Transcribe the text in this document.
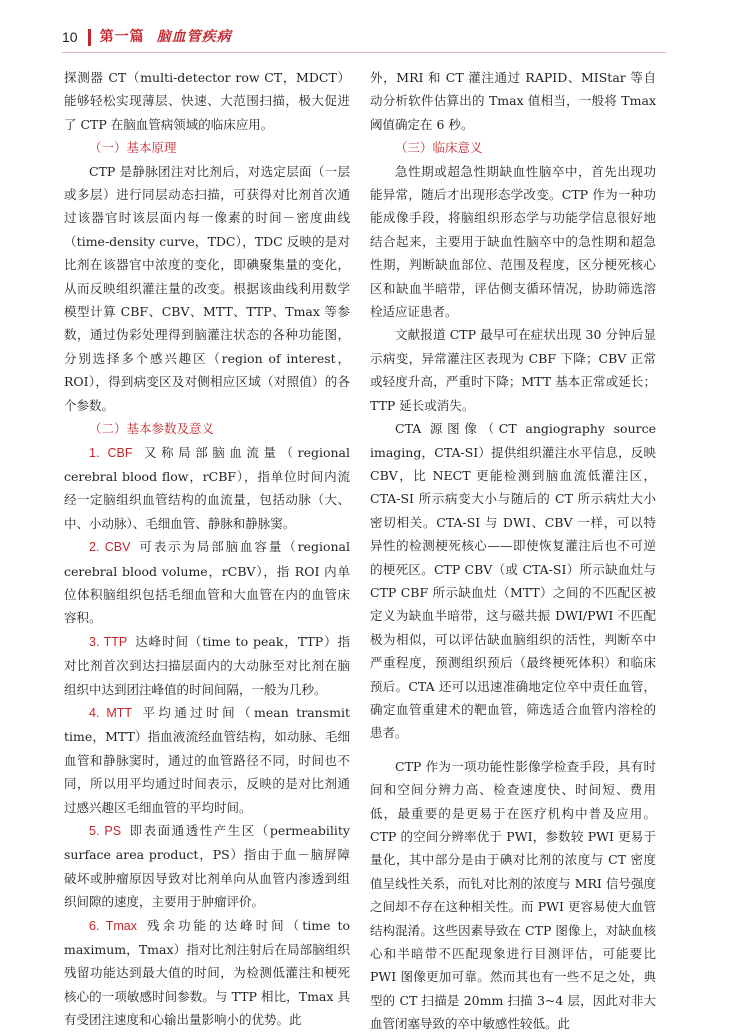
10 第一篇 脑血管疾病

探测器 CT（multi-detector row CT，MDCT）能够轻松实现薄层、快速、大范围扫描，极大促进了 CTP 在脑血管病领域的临床应用。

（一）基本原理

CTP 是静脉团注对比剂后，对选定层面（一层或多层）进行同层动态扫描，可获得对比剂首次通过该器官时该层面内每一像素的时间－密度曲线（time-density curve，TDC），TDC 反映的是对比剂在该器官中浓度的变化，即碘聚集量的变化，从而反映组织灌注量的改变。根据该曲线利用数学模型计算 CBF、CBV、MTT、TTP、Tmax 等参数，通过伪彩处理得到脑灌注状态的各种功能图，分别选择多个感兴趣区（region of interest，ROI），得到病变区及对侧相应区域（对照值）的各个参数。

（二）基本参数及意义

1. CBF 又称局部脑血流量（regional cerebral blood flow，rCBF），指单位时间内流经一定脑组织血管结构的血流量，包括动脉（大、中、小动脉）、毛细血管、静脉和静脉窦。

2. CBV 可表示为局部脑血容量（regional cerebral blood volume，rCBV），指 ROI 内单位体积脑组织包括毛细血管和大血管在内的血管床容积。

3. TTP 达峰时间（time to peak，TTP）指对比剂首次到达扫描层面内的大动脉至对比剂在脑组织中达到团注峰值的时间间隔，一般为几秒。

4. MTT 平均通过时间（mean transmit time，MTT）指血液流经血管结构，如动脉、毛细血管和静脉窦时，通过的血管路径不同，时间也不同，所以用平均通过时间表示，反映的是对比剂通过感兴趣区毛细血管的平均时间。

5. PS 即表面通透性产生区（permeability surface area product，PS）指由于血－脑屏障破坏或肿瘤原因导致对比剂单向从血管内渗透到组织间隙的速度，主要用于肿瘤评价。

6. Tmax 残余功能的达峰时间（time to maximum，Tmax）指对比剂注射后在局部脑组织残留功能达到最大值的时间，为检测低灌注和梗死核心的一项敏感时间参数。与 TTP 相比，Tmax 具有受团注速度和心输出量影响小的优势。此

外，MRI 和 CT 灌注通过 RAPID、MIStar 等自动分析软件估算出的 Tmax 值相当，一般将 Tmax 阈值确定在 6 秒。

（三）临床意义

急性期或超急性期缺血性脑卒中，首先出现功能异常，随后才出现形态学改变。CTP 作为一种功能成像手段，将脑组织形态学与功能学信息很好地结合起来，主要用于缺血性脑卒中的急性期和超急性期，判断缺血部位、范围及程度，区分梗死核心区和缺血半暗带，评估侧支循环情况，协助筛选溶栓适应证患者。

文献报道 CTP 最早可在症状出现 30 分钟后显示病变，异常灌注区表现为 CBF 下降；CBV 正常或轻度升高，严重时下降；MTT 基本正常或延长；TTP 延长或消失。

CTA 源图像（CT angiography source imaging，CTA-SI）提供组织灌注水平信息，反映 CBV，比 NECT 更能检测到脑血流低灌注区，CTA-SI 所示病变大小与随后的 CT 所示病灶大小密切相关。CTA-SI 与 DWI、CBV 一样，可以特异性的检测梗死核心——即使恢复灌注后也不可逆的梗死区。CTP CBV（或 CTA-SI）所示缺血灶与 CTP CBF 所示缺血灶（MTT）之间的不匹配区被定义为缺血半暗带，这与磁共振 DWI/PWI 不匹配极为相似，可以评估缺血脑组织的活性，判断卒中严重程度，预测组织预后（最终梗死体积）和临床预后。CTA 还可以迅速准确地定位卒中责任血管，确定血管重建术的靶血管，筛选适合血管内溶栓的患者。

CTP 作为一项功能性影像学检查手段，具有时间和空间分辨力高、检查速度快、时间短、费用低，最重要的是更易于在医疗机构中普及应用。CTP 的空间分辨率优于 PWI，参数较 PWI 更易于量化，其中部分是由于碘对比剂的浓度与 CT 密度值呈线性关系，而钆对比剂的浓度与 MRI 信号强度之间却不存在这种相关性。而 PWI 更容易使大血管结构混淆。这些因素导致在 CTP 图像上，对缺血核心和半暗带不匹配现象进行目测评估，可能要比 PWI 图像更加可靠。然而其也有一些不足之处，典型的 CT 扫描是 20mm 扫描 3~4 层，因此对非大血管闭塞导致的卒中敏感性较低。此
